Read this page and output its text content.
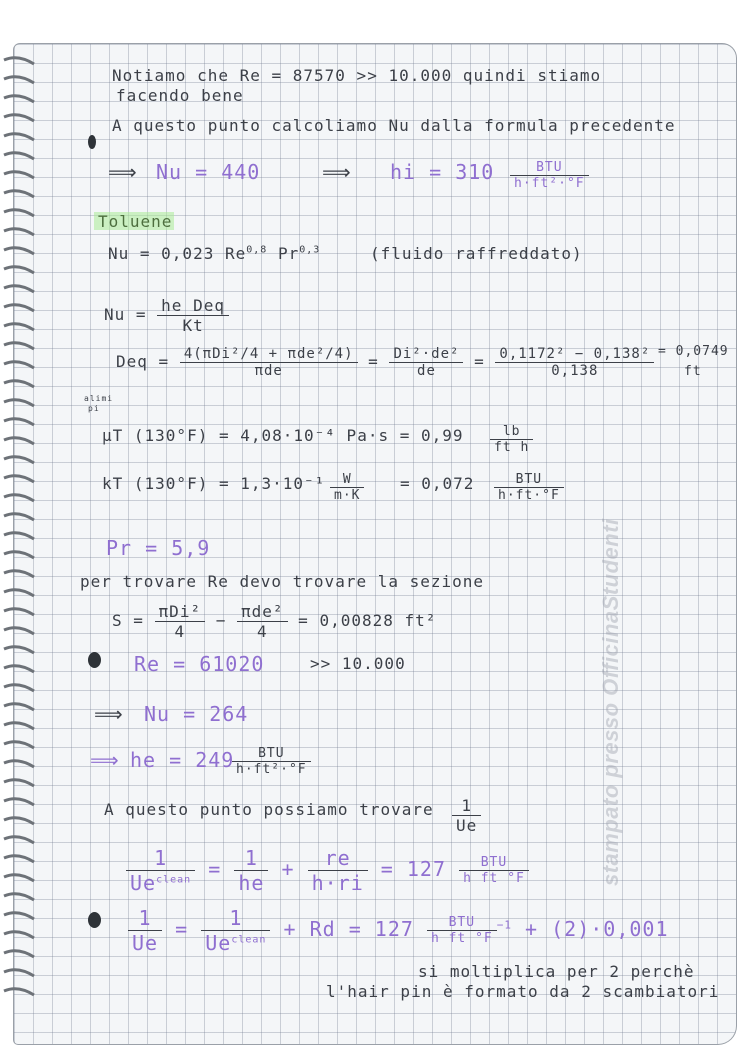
Notiamo che Re = 87570 >> 10.000 quindi stiamo
facendo bene
A questo punto calcoliamo Nu dalla formula precedente
⟹ Nu = 440	⟹ hi = $310 \frac{\text{BTU}}{\text{h·ft²·°F}}$
Toluene
Nu = 0,023 Re$^{0,8}$ Pr$^{0,3}$	(fluido raffreddato)
$Nu = \frac{\text{he Deq}}{Kt}$
Deq = $\frac{\text{4(πDi²/4 + πde²/4)}}{\text{πde}} = \frac{\text{Di²·de²}}{de} = \frac{\text{0,1172² − 0,138²}}{0,138} = 0,0749$
ft
alimi
pi
μT (130°F) = 4,08·10⁻⁴ $Pa\cdot s = 0,99 \frac{lb}{\text{ft h}}$
kT $(130^\circ F) = 1,3\cdot 10^{-1} \frac{W}{m\cdot K} = 0,072 \frac{\text{BTU}}{h\cdot ft\cdot^\circ F}$
Pr = 5,9
per trovare Re devo trovare la sezione
$S = \frac{\text{πDi²}}{4} - \frac{\text{πde²}}{4} = 0,00828$ ft²
Re = 61020	>> 10.000
⟹ Nu = 264
⟹ he = 249
$\frac{\text{BTU}}{\text{h·ft²·°F}}$
A questo punto possiamo trovare $\frac{1}{Ue}$
$\frac{1}{Ue^{clean}} = \frac{1}{he} + \frac{re}{h\cdot ri} = 127 \frac{\text{BTU}}{\text{h ft °F}}$
$\frac{1}{Ue} = \frac{1}{Ue^{clean}} + Rd = 127 \frac{\text{BTU}}{\text{h ft °F}} ^{-1} + (2)\cdot 0,001$
si moltiplica per 2 perchè
l'hair pin è formato da 2 scambiatori
stampato presso OfficinaStudenti
